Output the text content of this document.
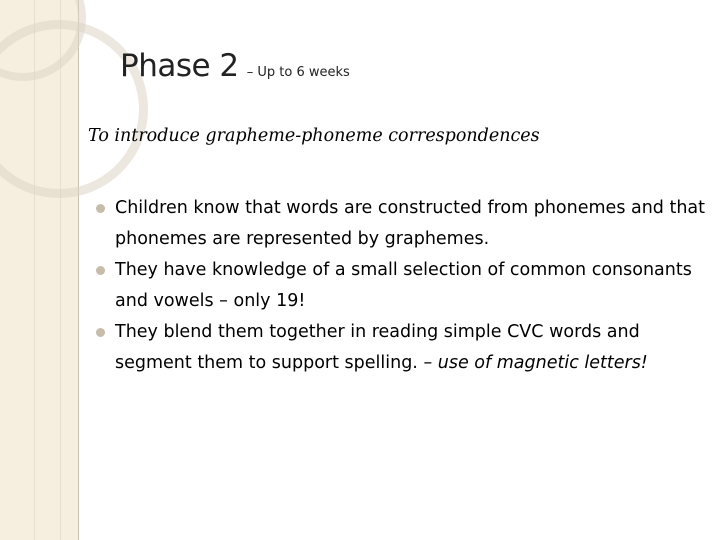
Phase 2 – Up to 6 weeks
To introduce grapheme-phoneme correspondences
Children know that words are constructed from phonemes and that phonemes are represented by graphemes.
They have knowledge of a small selection of common consonants and vowels – only 19!
They blend them together in reading simple CVC words and segment them to support spelling. – use of magnetic letters!
